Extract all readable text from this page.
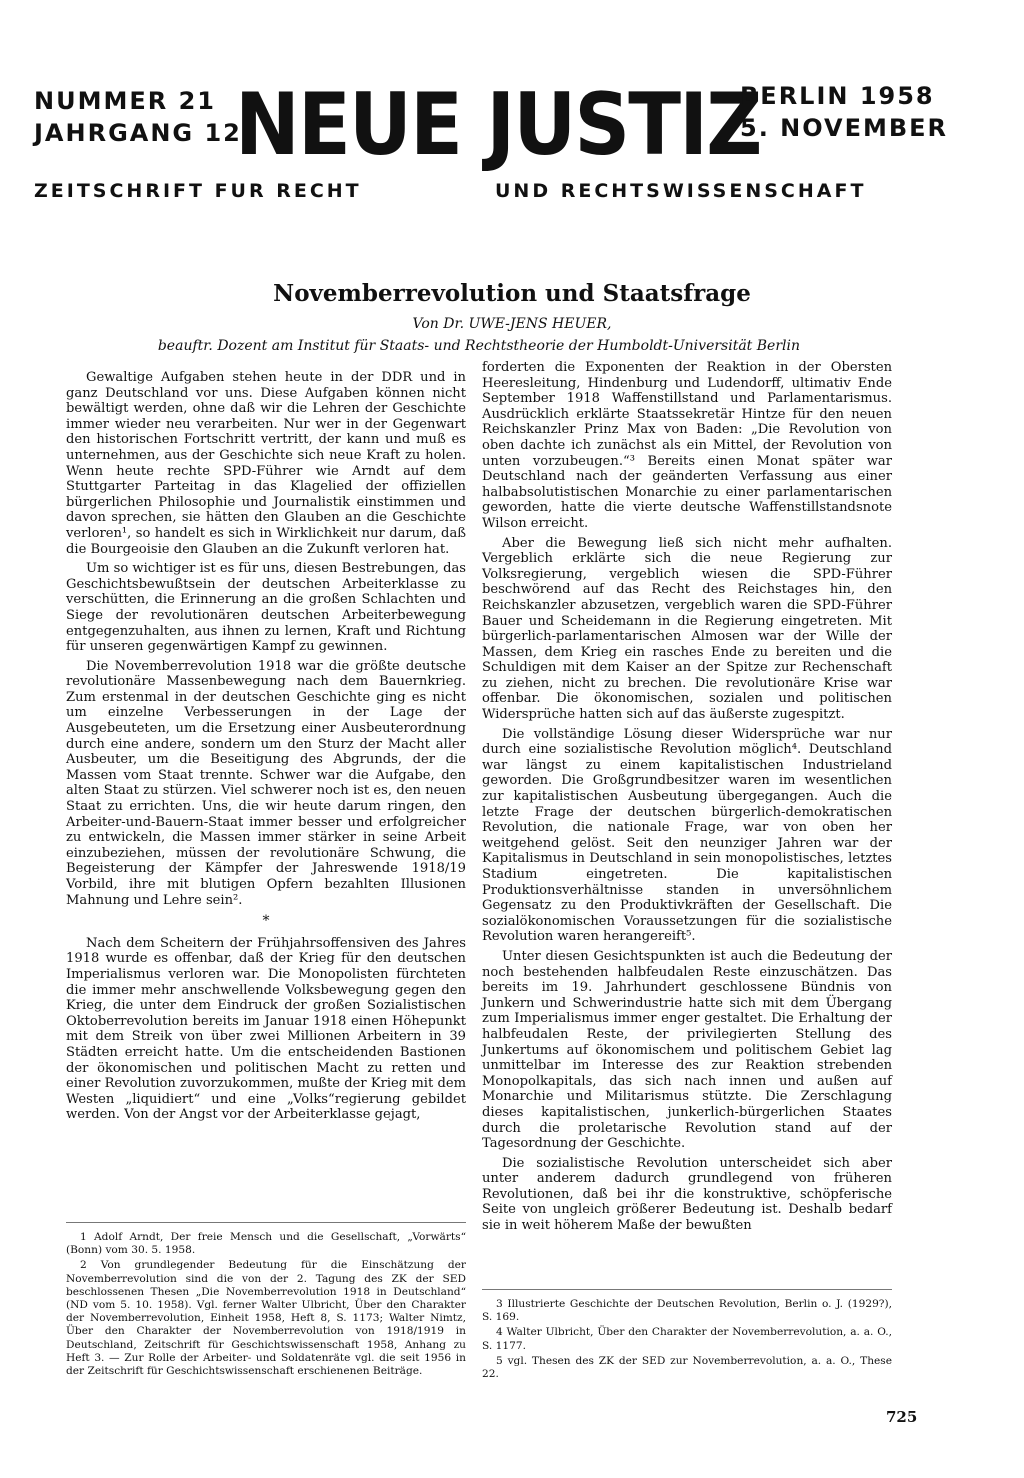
NUMMER 21
JAHRGANG 12
NEUE JUSTIZ
BERLIN 1958
5. NOVEMBER
ZEITSCHRIFT FUR RECHT	UND RECHTSWISSENSCHAFT
Novemberrevolution und Staatsfrage
Von Dr. UWE-JENS HEUER,
beauftr. Dozent am Institut für Staats- und Rechtstheorie der Humboldt-Universität Berlin

Gewaltige Aufgaben stehen heute in der DDR und in ganz Deutschland vor uns. Diese Aufgaben können nicht bewältigt werden, ohne daß wir die Lehren der Geschichte immer wieder neu verarbeiten. Nur wer in der Gegenwart den historischen Fortschritt vertritt, der kann und muß es unternehmen, aus der Geschichte sich neue Kraft zu holen. Wenn heute rechte SPD-Führer wie Arndt auf dem Stuttgarter Parteitag in das Klagelied der offiziellen bürgerlichen Philosophie und Journalistik einstimmen und davon sprechen, sie hätten den Glauben an die Geschichte verloren¹, so handelt es sich in Wirklichkeit nur darum, daß die Bourgeoisie den Glauben an die Zukunft verloren hat.

Um so wichtiger ist es für uns, diesen Bestrebungen, das Geschichtsbewußtsein der deutschen Arbeiterklasse zu verschütten, die Erinnerung an die großen Schlachten und Siege der revolutionären deutschen Arbeiterbewegung entgegenzuhalten, aus ihnen zu lernen, Kraft und Richtung für unseren gegenwärtigen Kampf zu gewinnen.

Die Novemberrevolution 1918 war die größte deutsche revolutionäre Massenbewegung nach dem Bauernkrieg. Zum erstenmal in der deutschen Geschichte ging es nicht um einzelne Verbesserungen in der Lage der Ausgebeuteten, um die Ersetzung einer Ausbeuterordnung durch eine andere, sondern um den Sturz der Macht aller Ausbeuter, um die Beseitigung des Abgrunds, der die Massen vom Staat trennte. Schwer war die Aufgabe, den alten Staat zu stürzen. Viel schwerer noch ist es, den neuen Staat zu errichten. Uns, die wir heute darum ringen, den Arbeiter-und-Bauern-Staat immer besser und erfolgreicher zu entwickeln, die Massen immer stärker in seine Arbeit einzubeziehen, müssen der revolutionäre Schwung, die Begeisterung der Kämpfer der Jahreswende 1918/19 Vorbild, ihre mit blutigen Opfern bezahlten Illusionen Mahnung und Lehre sein².

*

Nach dem Scheitern der Frühjahrsoffensiven des Jahres 1918 wurde es offenbar, daß der Krieg für den deutschen Imperialismus verloren war. Die Monopolisten fürchteten die immer mehr anschwellende Volksbewegung gegen den Krieg, die unter dem Eindruck der großen Sozialistischen Oktoberrevolution bereits im Januar 1918 einen Höhepunkt mit dem Streik von über zwei Millionen Arbeitern in 39 Städten erreicht hatte. Um die entscheidenden Bastionen der ökonomischen und politischen Macht zu retten und einer Revolution zuvorzukommen, mußte der Krieg mit dem Westen „liquidiert“ und eine „Volks“regierung gebildet werden. Von der Angst vor der Arbeiterklasse gejagt,

forderten die Exponenten der Reaktion in der Obersten Heeresleitung, Hindenburg und Ludendorff, ultimativ Ende September 1918 Waffenstillstand und Parlamentarismus. Ausdrücklich erklärte Staatssekretär Hintze für den neuen Reichskanzler Prinz Max von Baden: „Die Revolution von oben dachte ich zunächst als ein Mittel, der Revolution von unten vorzubeugen.“³ Bereits einen Monat später war Deutschland nach der geänderten Verfassung aus einer halbabsolutistischen Monarchie zu einer parlamentarischen geworden, hatte die vierte deutsche Waffenstillstandsnote Wilson erreicht.

Aber die Bewegung ließ sich nicht mehr aufhalten. Vergeblich erklärte sich die neue Regierung zur Volksregierung, vergeblich wiesen die SPD-Führer beschwörend auf das Recht des Reichstages hin, den Reichskanzler abzusetzen, vergeblich waren die SPD-Führer Bauer und Scheidemann in die Regierung eingetreten. Mit bürgerlich-parlamentarischen Almosen war der Wille der Massen, dem Krieg ein rasches Ende zu bereiten und die Schuldigen mit dem Kaiser an der Spitze zur Rechenschaft zu ziehen, nicht zu brechen. Die revolutionäre Krise war offenbar. Die ökonomischen, sozialen und politischen Widersprüche hatten sich auf das äußerste zugespitzt.

Die vollständige Lösung dieser Widersprüche war nur durch eine sozialistische Revolution möglich⁴. Deutschland war längst zu einem kapitalistischen Industrieland geworden. Die Großgrundbesitzer waren im wesentlichen zur kapitalistischen Ausbeutung übergegangen. Auch die letzte Frage der deutschen bürgerlich-demokratischen Revolution, die nationale Frage, war von oben her weitgehend gelöst. Seit den neunziger Jahren war der Kapitalismus in Deutschland in sein monopolistisches, letztes Stadium eingetreten. Die kapitalistischen Produktionsverhältnisse standen in unversöhnlichem Gegensatz zu den Produktivkräften der Gesellschaft. Die sozialökonomischen Voraussetzungen für die sozialistische Revolution waren herangereift⁵.

Unter diesen Gesichtspunkten ist auch die Bedeutung der noch bestehenden halbfeudalen Reste einzuschätzen. Das bereits im 19. Jahrhundert geschlossene Bündnis von Junkern und Schwerindustrie hatte sich mit dem Übergang zum Imperialismus immer enger gestaltet. Die Erhaltung der halbfeudalen Reste, der privilegierten Stellung des Junkertums auf ökonomischem und politischem Gebiet lag unmittelbar im Interesse des zur Reaktion strebenden Monopolkapitals, das sich nach innen und außen auf Monarchie und Militarismus stützte. Die Zerschlagung dieses kapitalistischen, junkerlich-bürgerlichen Staates durch die proletarische Revolution stand auf der Tagesordnung der Geschichte.

Die sozialistische Revolution unterscheidet sich aber unter anderem dadurch grundlegend von früheren Revolutionen, daß bei ihr die konstruktive, schöpferische Seite von ungleich größerer Bedeutung ist. Deshalb bedarf sie in weit höherem Maße der bewußten

1 Adolf Arndt, Der freie Mensch und die Gesellschaft, „Vorwärts“ (Bonn) vom 30. 5. 1958.

2 Von grundlegender Bedeutung für die Einschätzung der Novemberrevolution sind die von der 2. Tagung des ZK der SED beschlossenen Thesen „Die Novemberrevolution 1918 in Deutschland“ (ND vom 5. 10. 1958). Vgl. ferner Walter Ulbricht, Über den Charakter der Novemberrevolution, Einheit 1958, Heft 8, S. 1173; Walter Nimtz, Über den Charakter der Novemberrevolution von 1918/1919 in Deutschland, Zeitschrift für Geschichtswissenschaft 1958, Anhang zu Heft 3. — Zur Rolle der Arbeiter- und Soldatenräte vgl. die seit 1956 in der Zeitschrift für Geschichtswissenschaft erschienenen Beiträge.

3 Illustrierte Geschichte der Deutschen Revolution, Berlin o. J. (1929?), S. 169.

4 Walter Ulbricht, Über den Charakter der Novemberrevolution, a. a. O., S. 1177.

5 vgl. Thesen des ZK der SED zur Novemberrevolution, a. a. O., These 22.

725
